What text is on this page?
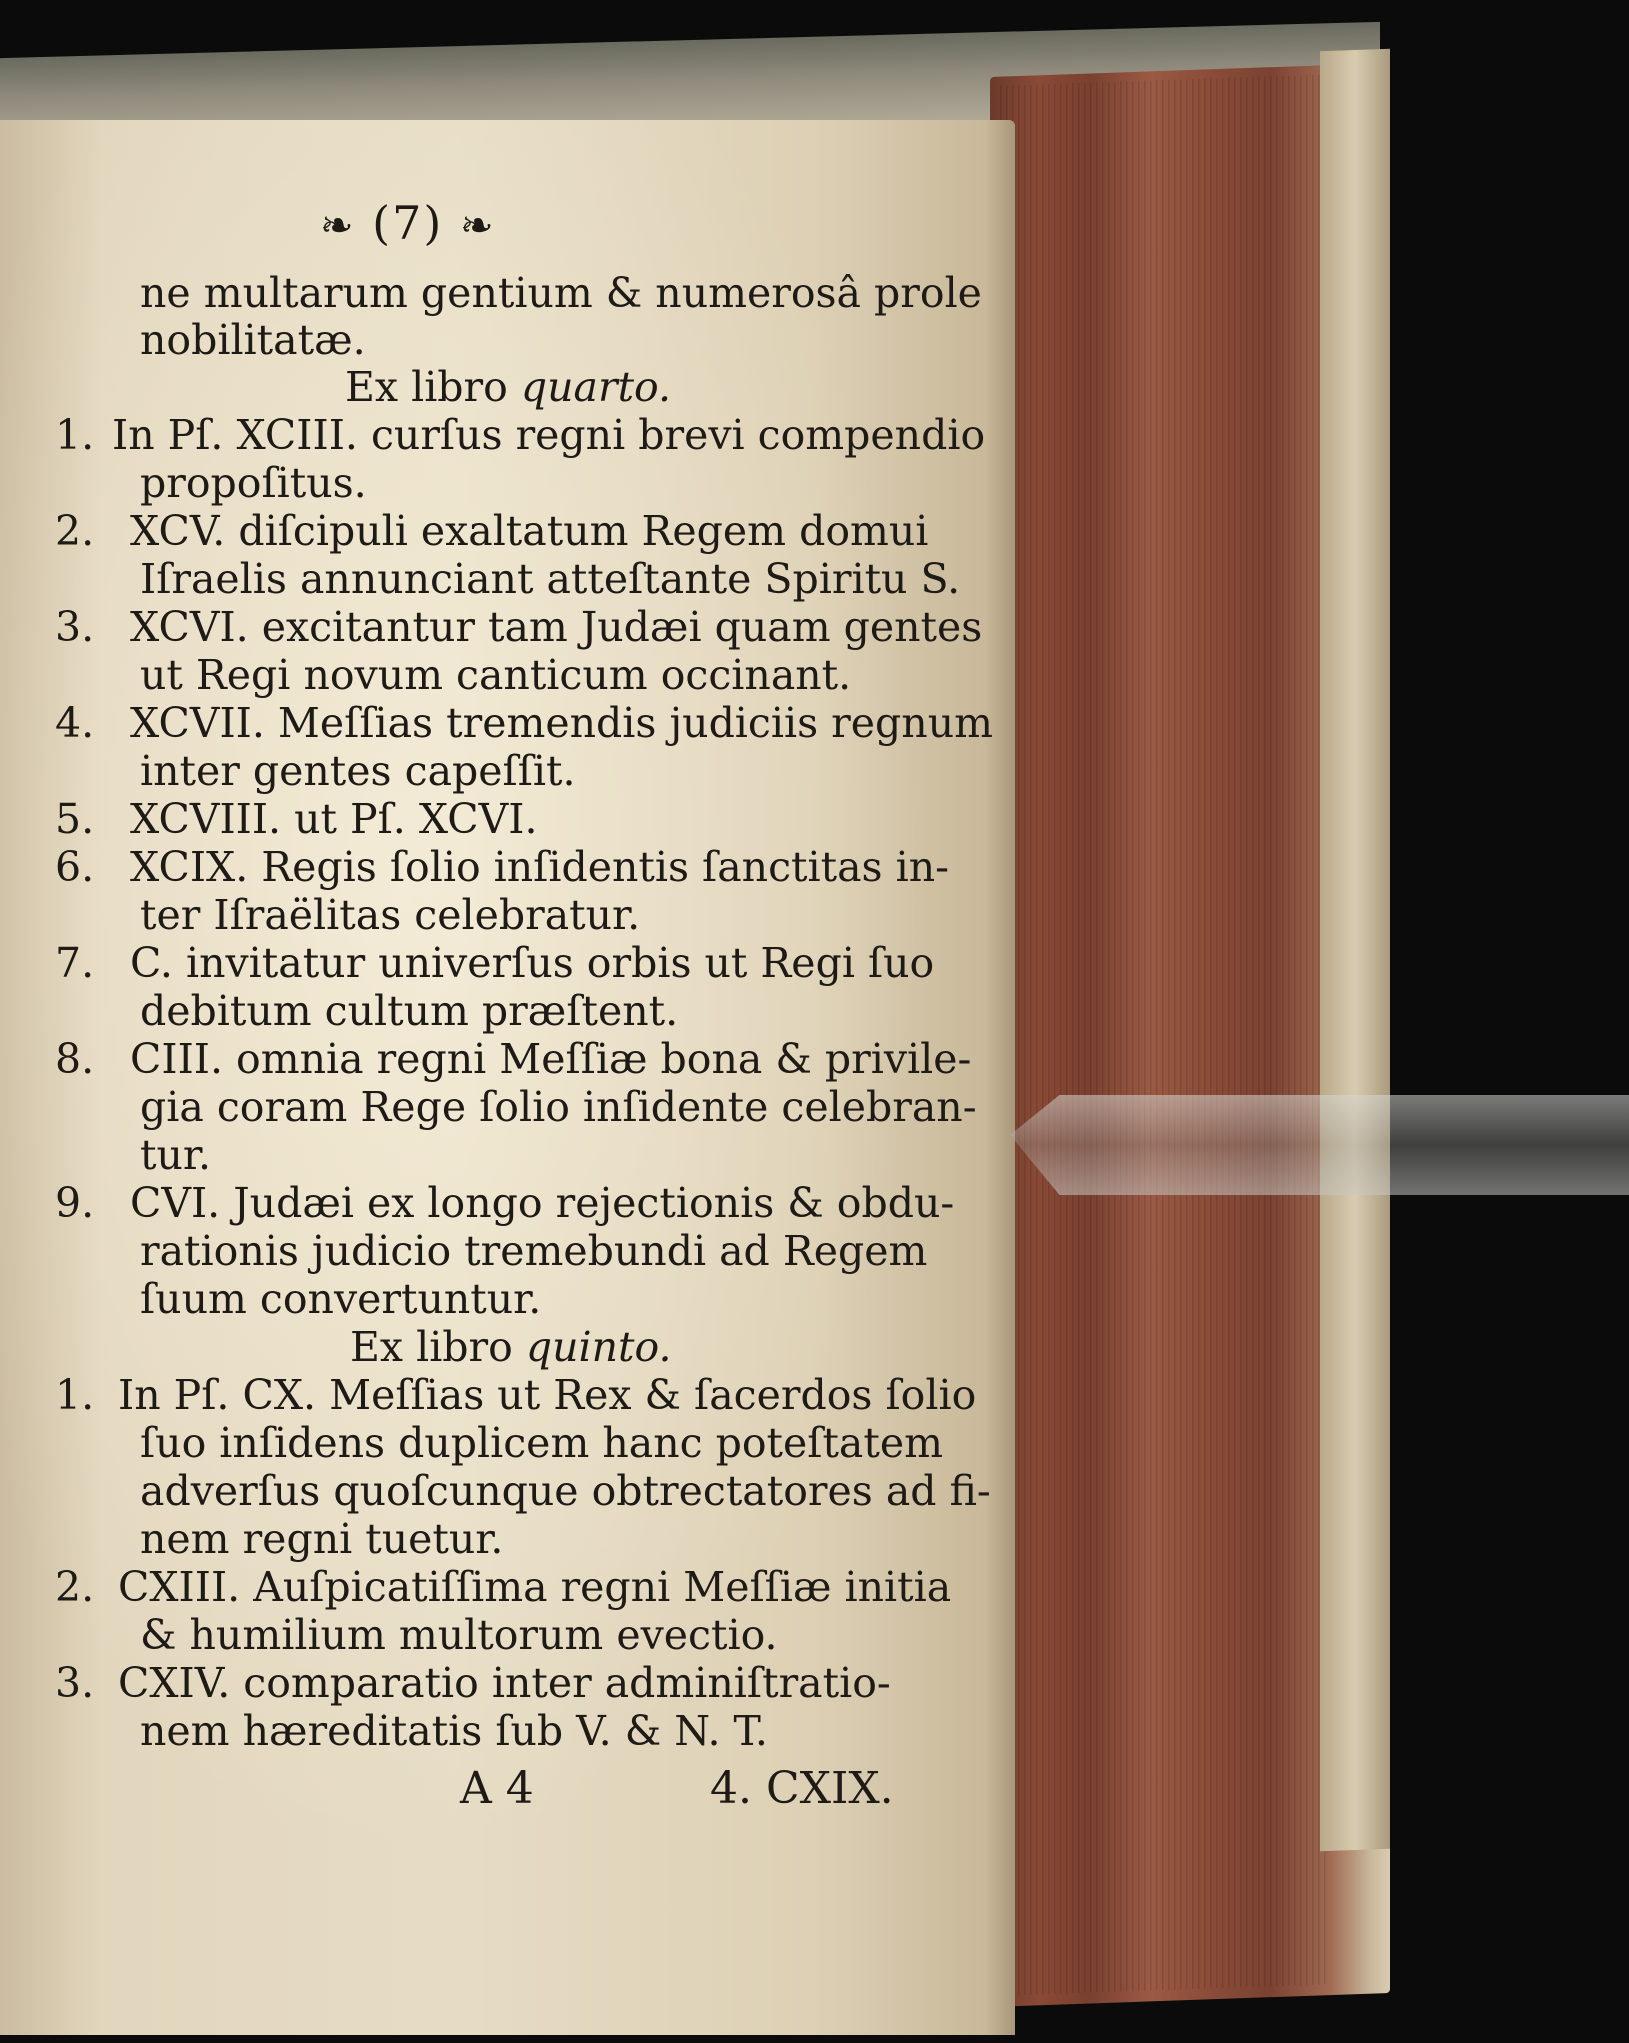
❧ (7) ❧
ne multarum gentium & numerosâ prole
nobilitatæ.
Ex libro quarto.
1. In Pſ. XCIII. curſus regni brevi compendio
propoſitus.
2. XCV. diſcipuli exaltatum Regem domui
Iſraelis annunciant atteſtante Spiritu S.
3. XCVI. excitantur tam Judæi quam gentes
ut Regi novum canticum occinant.
4. XCVII. Meſſias tremendis judiciis regnum
inter gentes capeſſit.
5. XCVIII. ut Pſ. XCVI.
6. XCIX. Regis ſolio inſidentis ſanctitas in-
ter Iſraëlitas celebratur.
7. C. invitatur univerſus orbis ut Regi ſuo
debitum cultum præſtent.
8. CIII. omnia regni Meſſiæ bona & privile-
gia coram Rege ſolio inſidente celebran-
tur.
9. CVI. Judæi ex longo rejectionis & obdu-
rationis judicio tremebundi ad Regem
ſuum convertuntur.
Ex libro quinto.
1. In Pſ. CX. Meſſias ut Rex & ſacerdos ſolio
ſuo inſidens duplicem hanc poteſtatem
adverſus quoſcunque obtrectatores ad fi-
nem regni tuetur.
2. CXIII. Auſpicatiſſima regni Meſſiæ initia
& humilium multorum evectio.
3. CXIV. comparatio inter adminiſtratio-
nem hæreditatis ſub V. & N. T.
A 4	4. CXIX.
